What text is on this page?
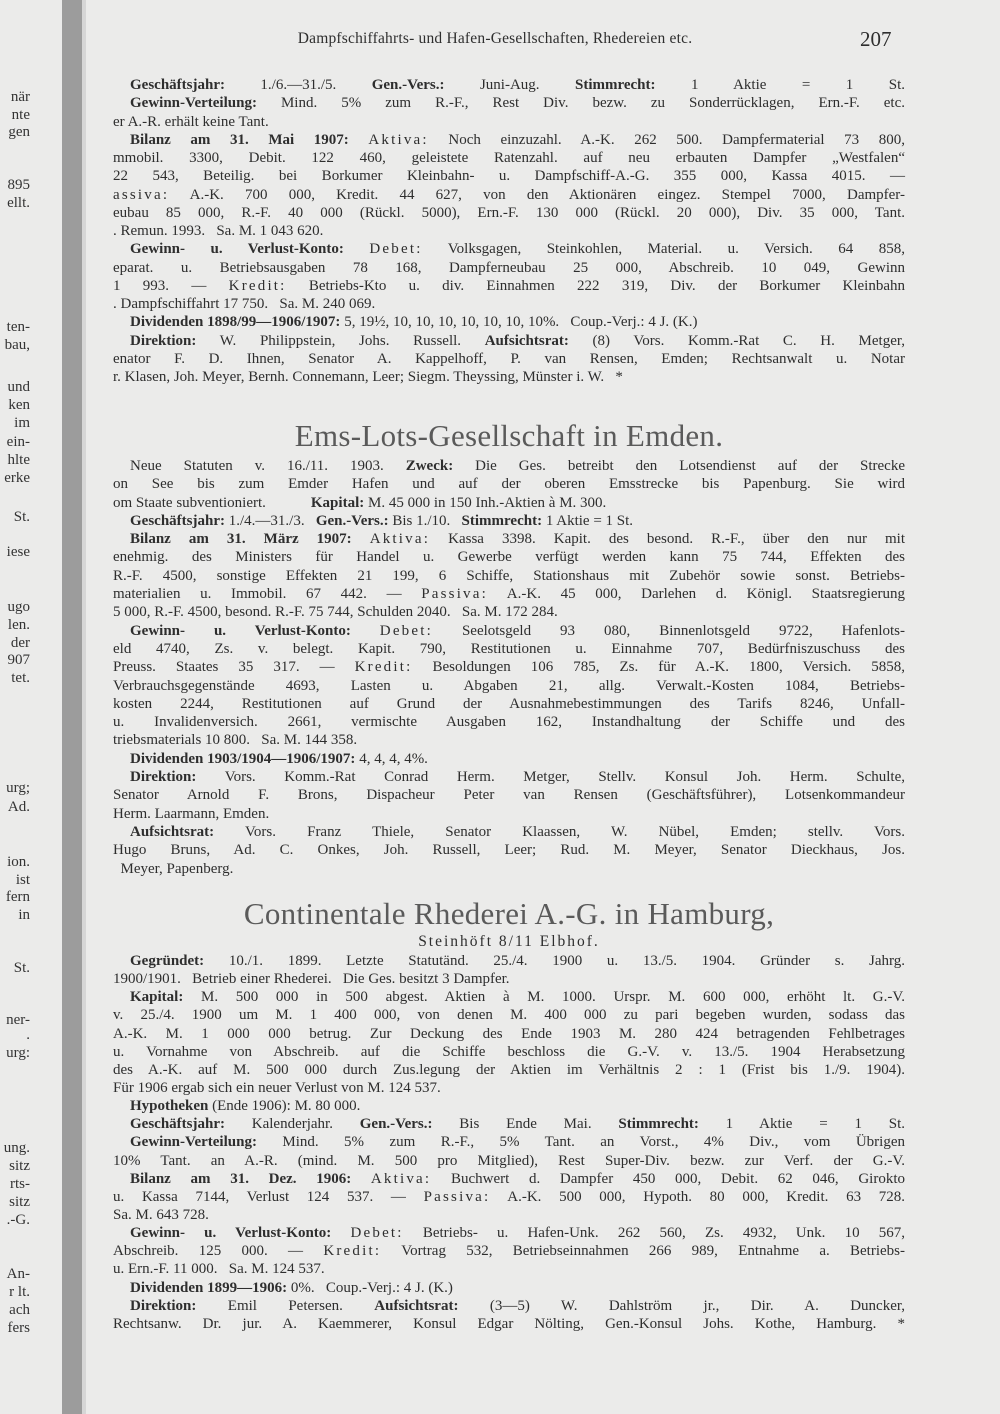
när
nte
gen
895
ellt.
ten-
bau,
und
ken
im
ein-
hlte
erke
St.
iese
ugo
len.
der
907
tet.
urg;
Ad.
ion.
ist
fern
in
St.
ner-
.
urg:
ung.
sitz
rts-
sitz
.-G.
An-
r lt.
ach
fers
Dampfschiffahrts- und Hafen-Gesellschaften, Rhedereien etc.	207
Geschäftsjahr: 1./6.—31./5. Gen.-Vers.: Juni-Aug. Stimmrecht: 1 Aktie = 1 St.
Gewinn-Verteilung: Mind. 5% zum R.-F., Rest Div. bezw. zu Sonderrücklagen, Ern.-F. etc.
er A.-R. erhält keine Tant.
Bilanz am 31. Mai 1907: Aktiva: Noch einzuzahl. A.-K. 262 500. Dampfermaterial 73 800,
mmobil. 3300, Debit. 122 460, geleistete Ratenzahl. auf neu erbauten Dampfer „Westfalen“
22 543, Beteilig. bei Borkumer Kleinbahn- u. Dampfschiff-A.-G. 355 000, Kassa 4015. —
assiva: A.-K. 700 000, Kredit. 44 627, von den Aktionären eingez. Stempel 7000, Dampfer-
eubau 85 000, R.-F. 40 000 (Rückl. 5000), Ern.-F. 130 000 (Rückl. 20 000), Div. 35 000, Tant.
. Remun. 1993.   Sa. M. 1 043 620.
Gewinn- u. Verlust-Konto: Debet: Volksgagen, Steinkohlen, Material. u. Versich. 64 858,
eparat. u. Betriebsausgaben 78 168, Dampferneubau 25 000, Abschreib. 10 049, Gewinn
1 993. — Kredit: Betriebs-Kto u. div. Einnahmen 222 319, Div. der Borkumer Kleinbahn
. Dampfschiffahrt 17 750.   Sa. M. 240 069.
Dividenden 1898/99—1906/1907: 5, 19½, 10, 10, 10, 10, 10, 10, 10%.   Coup.-Verj.: 4 J. (K.)
Direktion: W. Philippstein, Johs. Russell. Aufsichtsrat: (8) Vors. Komm.-Rat C. H. Metger,
enator F. D. Ihnen, Senator A. Kappelhoff, P. van Rensen, Emden; Rechtsanwalt u. Notar
r. Klasen, Joh. Meyer, Bernh. Connemann, Leer; Siegm. Theyssing, Münster i. W.   *
Ems-Lots-Gesellschaft in Emden.
Neue Statuten v. 16./11. 1903. Zweck: Die Ges. betreibt den Lotsendienst auf der Strecke
on See bis zum Emder Hafen und auf der oberen Emsstrecke bis Papenburg. Sie wird
om Staate subventioniert.            Kapital: M. 45 000 in 150 Inh.-Aktien à M. 300.
Geschäftsjahr: 1./4.—31./3.   Gen.-Vers.: Bis 1./10.   Stimmrecht: 1 Aktie = 1 St.
Bilanz am 31. März 1907: Aktiva: Kassa 3398. Kapit. des besond. R.-F., über den nur mit
enehmig. des Ministers für Handel u. Gewerbe verfügt werden kann 75 744, Effekten des
R.-F. 4500, sonstige Effekten 21 199, 6 Schiffe, Stationshaus mit Zubehör sowie sonst. Betriebs-
materialien u. Immobil. 67 442. — Passiva: A.-K. 45 000, Darlehen d. Königl. Staatsregierung
5 000, R.-F. 4500, besond. R.-F. 75 744, Schulden 2040.   Sa. M. 172 284.
Gewinn- u. Verlust-Konto: Debet: Seelotsgeld 93 080, Binnenlotsgeld 9722, Hafenlots-
eld 4740, Zs. v. belegt. Kapit. 790, Restitutionen u. Einnahme 707, Bedürfniszuschuss des
Preuss. Staates 35 317. — Kredit: Besoldungen 106 785, Zs. für A.-K. 1800, Versich. 5858,
Verbrauchsgegenstände 4693, Lasten u. Abgaben 21, allg. Verwalt.-Kosten 1084, Betriebs-
kosten 2244, Restitutionen auf Grund der Ausnahmebestimmungen des Tarifs 8246, Unfall-
u. Invalidenversich. 2661, vermischte Ausgaben 162, Instandhaltung der Schiffe und des
triebsmaterials 10 800.   Sa. M. 144 358.
Dividenden 1903/1904—1906/1907: 4, 4, 4, 4%.
Direktion: Vors. Komm.-Rat Conrad Herm. Metger, Stellv. Konsul Joh. Herm. Schulte,
Senator Arnold F. Brons, Dispacheur Peter van Rensen (Geschäftsführer), Lotsenkommandeur
Herm. Laarmann, Emden.
Aufsichtsrat: Vors. Franz Thiele, Senator Klaassen, W. Nübel, Emden; stellv. Vors.
Hugo Bruns, Ad. C. Onkes, Joh. Russell, Leer; Rud. M. Meyer, Senator Dieckhaus, Jos.
Meyer, Papenberg.
Continentale Rhederei A.-G. in Hamburg,
Steinhöft 8/11 Elbhof.
Gegründet: 10./1. 1899. Letzte Statutänd. 25./4. 1900 u. 13./5. 1904. Gründer s. Jahrg.
1900/1901.   Betrieb einer Rhederei.   Die Ges. besitzt 3 Dampfer.
Kapital: M. 500 000 in 500 abgest. Aktien à M. 1000. Urspr. M. 600 000, erhöht lt. G.-V.
v. 25./4. 1900 um M. 1 400 000, von denen M. 400 000 zu pari begeben wurden, sodass das
A.-K. M. 1 000 000 betrug. Zur Deckung des Ende 1903 M. 280 424 betragenden Fehlbetrages
u. Vornahme von Abschreib. auf die Schiffe beschloss die G.-V. v. 13./5. 1904 Herabsetzung
des A.-K. auf M. 500 000 durch Zus.legung der Aktien im Verhältnis 2 : 1 (Frist bis 1./9. 1904).
Für 1906 ergab sich ein neuer Verlust von M. 124 537.
Hypotheken (Ende 1906): M. 80 000.
Geschäftsjahr: Kalenderjahr. Gen.-Vers.: Bis Ende Mai. Stimmrecht: 1 Aktie = 1 St.
Gewinn-Verteilung: Mind. 5% zum R.-F., 5% Tant. an Vorst., 4% Div., vom Übrigen
10% Tant. an A.-R. (mind. M. 500 pro Mitglied), Rest Super-Div. bezw. zur Verf. der G.-V.
Bilanz am 31. Dez. 1906: Aktiva: Buchwert d. Dampfer 450 000, Debit. 62 046, Girokto
u. Kassa 7144, Verlust 124 537. — Passiva: A.-K. 500 000, Hypoth. 80 000, Kredit. 63 728.
Sa. M. 643 728.
Gewinn- u. Verlust-Konto: Debet: Betriebs- u. Hafen-Unk. 262 560, Zs. 4932, Unk. 10 567,
Abschreib. 125 000. — Kredit: Vortrag 532, Betriebseinnahmen 266 989, Entnahme a. Betriebs-
u. Ern.-F. 11 000.   Sa. M. 124 537.
Dividenden 1899—1906: 0%.   Coup.-Verj.: 4 J. (K.)
Direktion: Emil Petersen. Aufsichtsrat: (3—5) W. Dahlström jr., Dir. A. Duncker,
Rechtsanw. Dr. jur. A. Kaemmerer, Konsul Edgar Nölting, Gen.-Konsul Johs. Kothe, Hamburg. *
